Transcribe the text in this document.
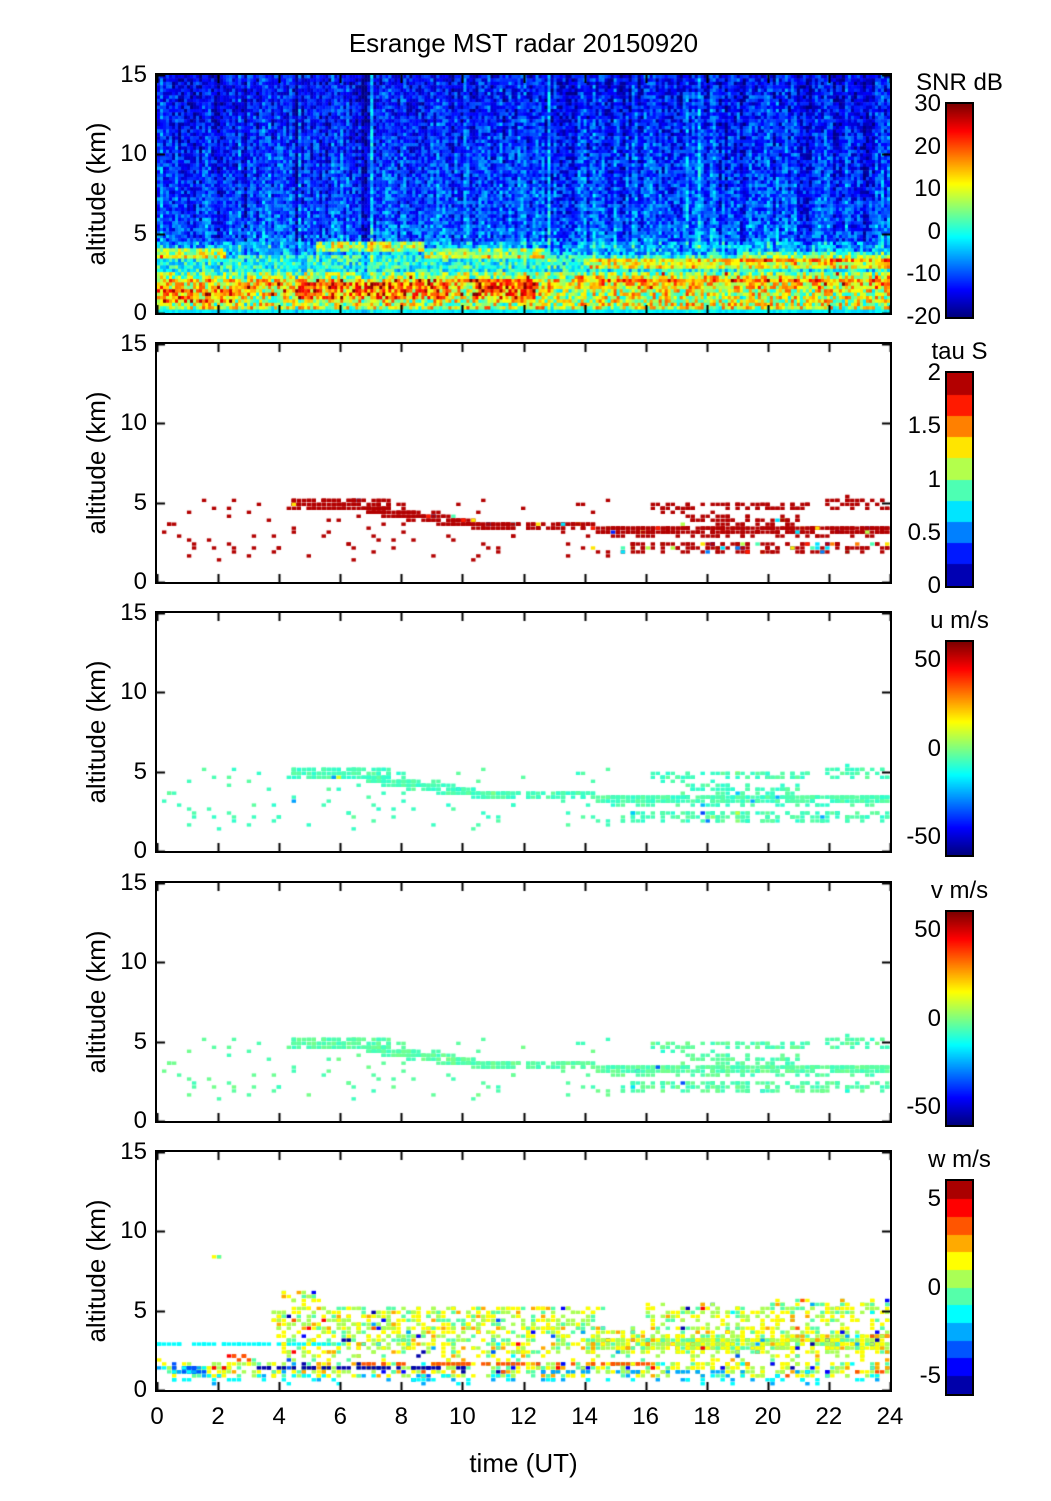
Esrange MST radar 20150920
15
10
5
0
altitude (km)
SNR dB
30
20
10
0
-10
-20
15
10
5
0
altitude (km)
tau S
2
1.5
1
0.5
0
15
10
5
0
altitude (km)
u m/s
50
0
-50
15
10
5
0
altitude (km)
v m/s
50
0
-50
15
10
5
0
altitude (km)
w m/s
5
0
-5
0	2	4	6	8	10	12	14	16	18	20	22	24
time (UT)
